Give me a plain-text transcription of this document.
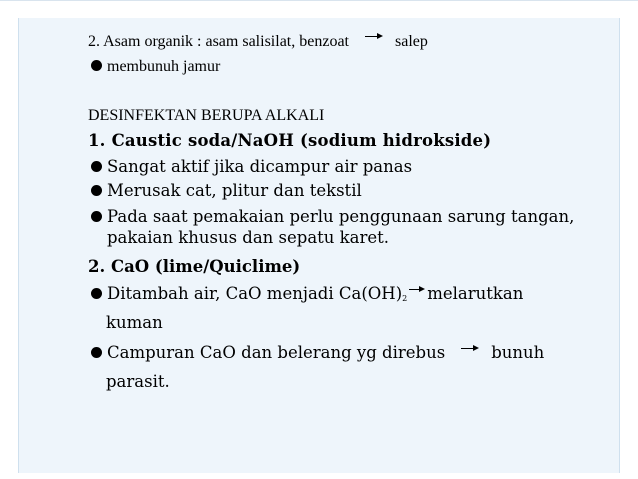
2. Asam organik : asam salisilat, benzoat	salep
membunuh jamur
DESINFEKTAN BERUPA ALKALI
1. Caustic soda/NaOH (sodium hidrokside)
Sangat aktif jika dicampur air panas
Merusak cat, plitur dan tekstil
Pada saat pemakaian perlu penggunaan sarung tangan,
pakaian khusus dan sepatu karet.
2. CaO (lime/Quiclime)
Ditambah air, CaO menjadi $Ca(OH)_2$ melarutkan
kuman
Campuran CaO dan belerang yg direbus	bunuh
parasit.
